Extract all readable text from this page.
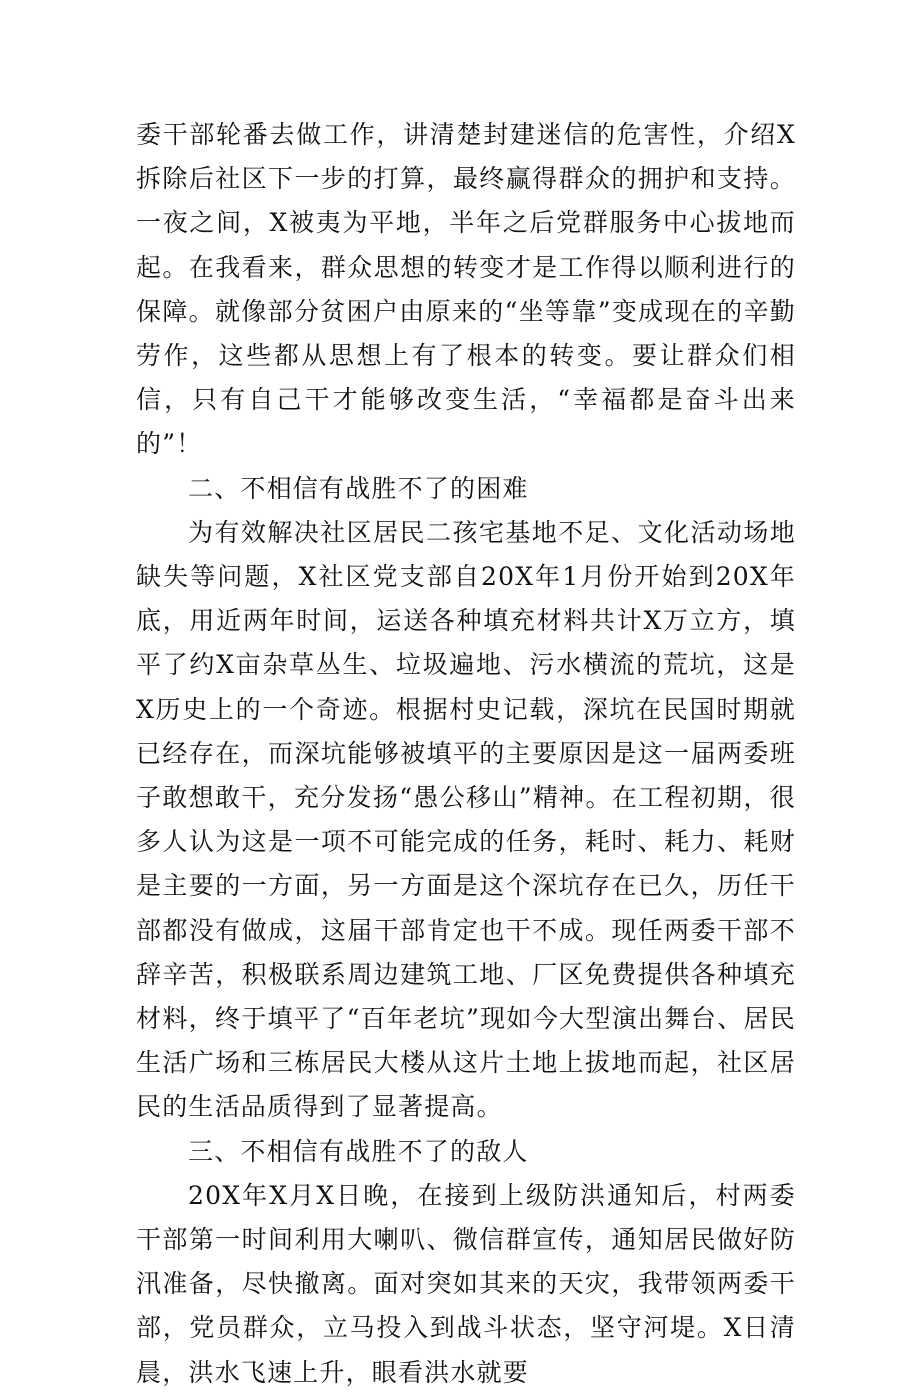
委干部轮番去做工作，讲清楚封建迷信的危害性，介绍X拆除后社区下一步的打算，最终赢得群众的拥护和支持。一夜之间，X被夷为平地，半年之后党群服务中心拔地而起。在我看来，群众思想的转变才是工作得以顺利进行的保障。就像部分贫困户由原来的“坐等靠”变成现在的辛勤劳作，这些都从思想上有了根本的转变。要让群众们相信，只有自己干才能够改变生活，“幸福都是奋斗出来的”！

二、不相信有战胜不了的困难

为有效解决社区居民二孩宅基地不足、文化活动场地缺失等问题，X社区党支部自20X年1月份开始到20X年底，用近两年时间，运送各种填充材料共计X万立方，填平了约X亩杂草丛生、垃圾遍地、污水横流的荒坑，这是X历史上的一个奇迹。根据村史记载，深坑在民国时期就已经存在，而深坑能够被填平的主要原因是这一届两委班子敢想敢干，充分发扬“愚公移山”精神。在工程初期，很多人认为这是一项不可能完成的任务，耗时、耗力、耗财是主要的一方面，另一方面是这个深坑存在已久，历任干部都没有做成，这届干部肯定也干不成。现任两委干部不辞辛苦，积极联系周边建筑工地、厂区免费提供各种填充材料，终于填平了“百年老坑”现如今大型演出舞台、居民生活广场和三栋居民大楼从这片土地上拔地而起，社区居民的生活品质得到了显著提高。

三、不相信有战胜不了的敌人

20X年X月X日晚，在接到上级防洪通知后，村两委干部第一时间利用大喇叭、微信群宣传，通知居民做好防汛准备，尽快撤离。面对突如其来的天灾，我带领两委干部，党员群众，立马投入到战斗状态，坚守河堤。X日清晨，洪水飞速上升，眼看洪水就要
